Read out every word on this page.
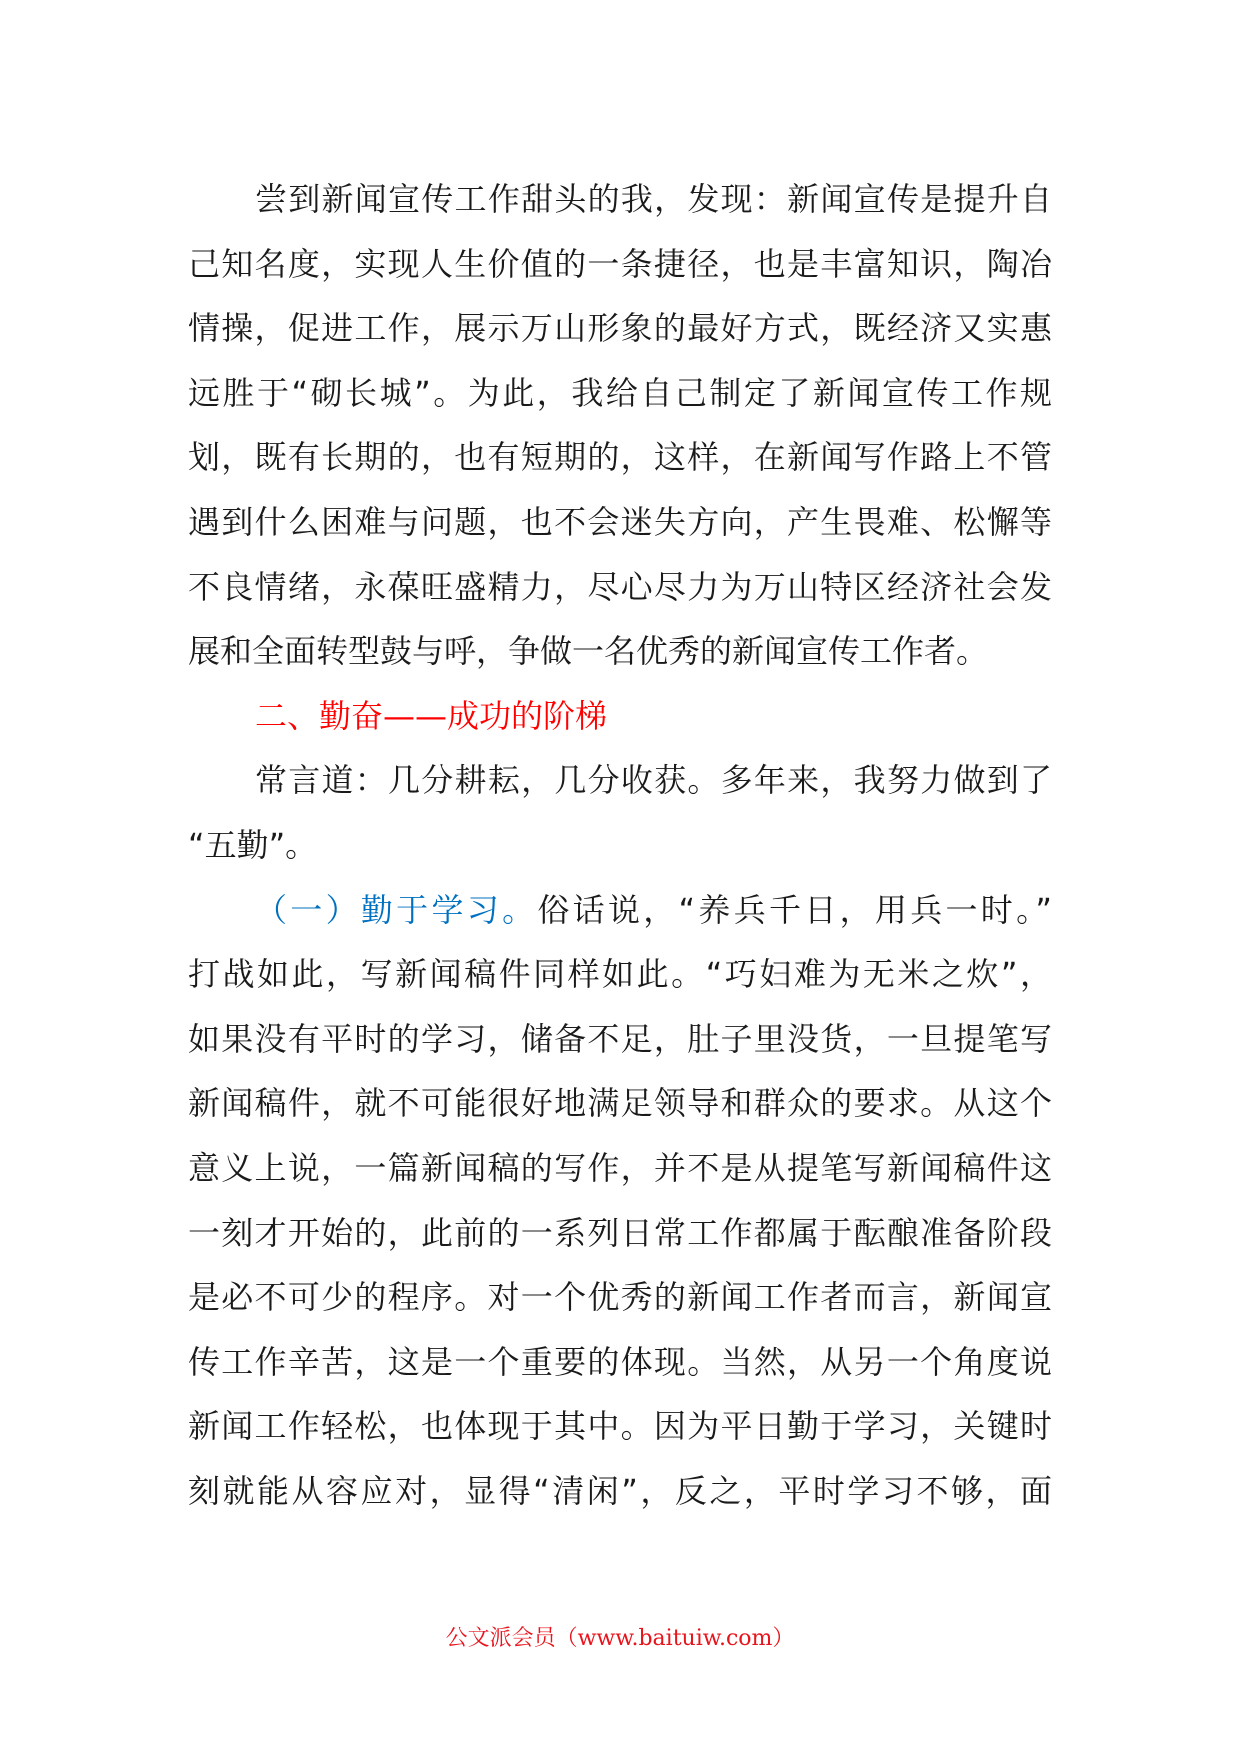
尝到新闻宣传工作甜头的我，发现：新闻宣传是提升自
己知名度，实现人生价值的一条捷径，也是丰富知识，陶冶
情操，促进工作，展示万山形象的最好方式，既经济又实惠
远胜于“砌长城”。为此，我给自己制定了新闻宣传工作规
划，既有长期的，也有短期的，这样，在新闻写作路上不管
遇到什么困难与问题，也不会迷失方向，产生畏难、松懈等
不良情绪，永葆旺盛精力，尽心尽力为万山特区经济社会发
展和全面转型鼓与呼，争做一名优秀的新闻宣传工作者。
二、勤奋——成功的阶梯
常言道：几分耕耘，几分收获。多年来，我努力做到了
“五勤”。
（一）勤于学习。俗话说，“养兵千日，用兵一时。”
打战如此，写新闻稿件同样如此。“巧妇难为无米之炊”，
如果没有平时的学习，储备不足，肚子里没货，一旦提笔写
新闻稿件，就不可能很好地满足领导和群众的要求。从这个
意义上说，一篇新闻稿的写作，并不是从提笔写新闻稿件这
一刻才开始的，此前的一系列日常工作都属于酝酿准备阶段
是必不可少的程序。对一个优秀的新闻工作者而言，新闻宣
传工作辛苦，这是一个重要的体现。当然，从另一个角度说
新闻工作轻松，也体现于其中。因为平日勤于学习，关键时
刻就能从容应对，显得“清闲”，反之，平时学习不够，面
公文派会员（www.baituiw.com）
